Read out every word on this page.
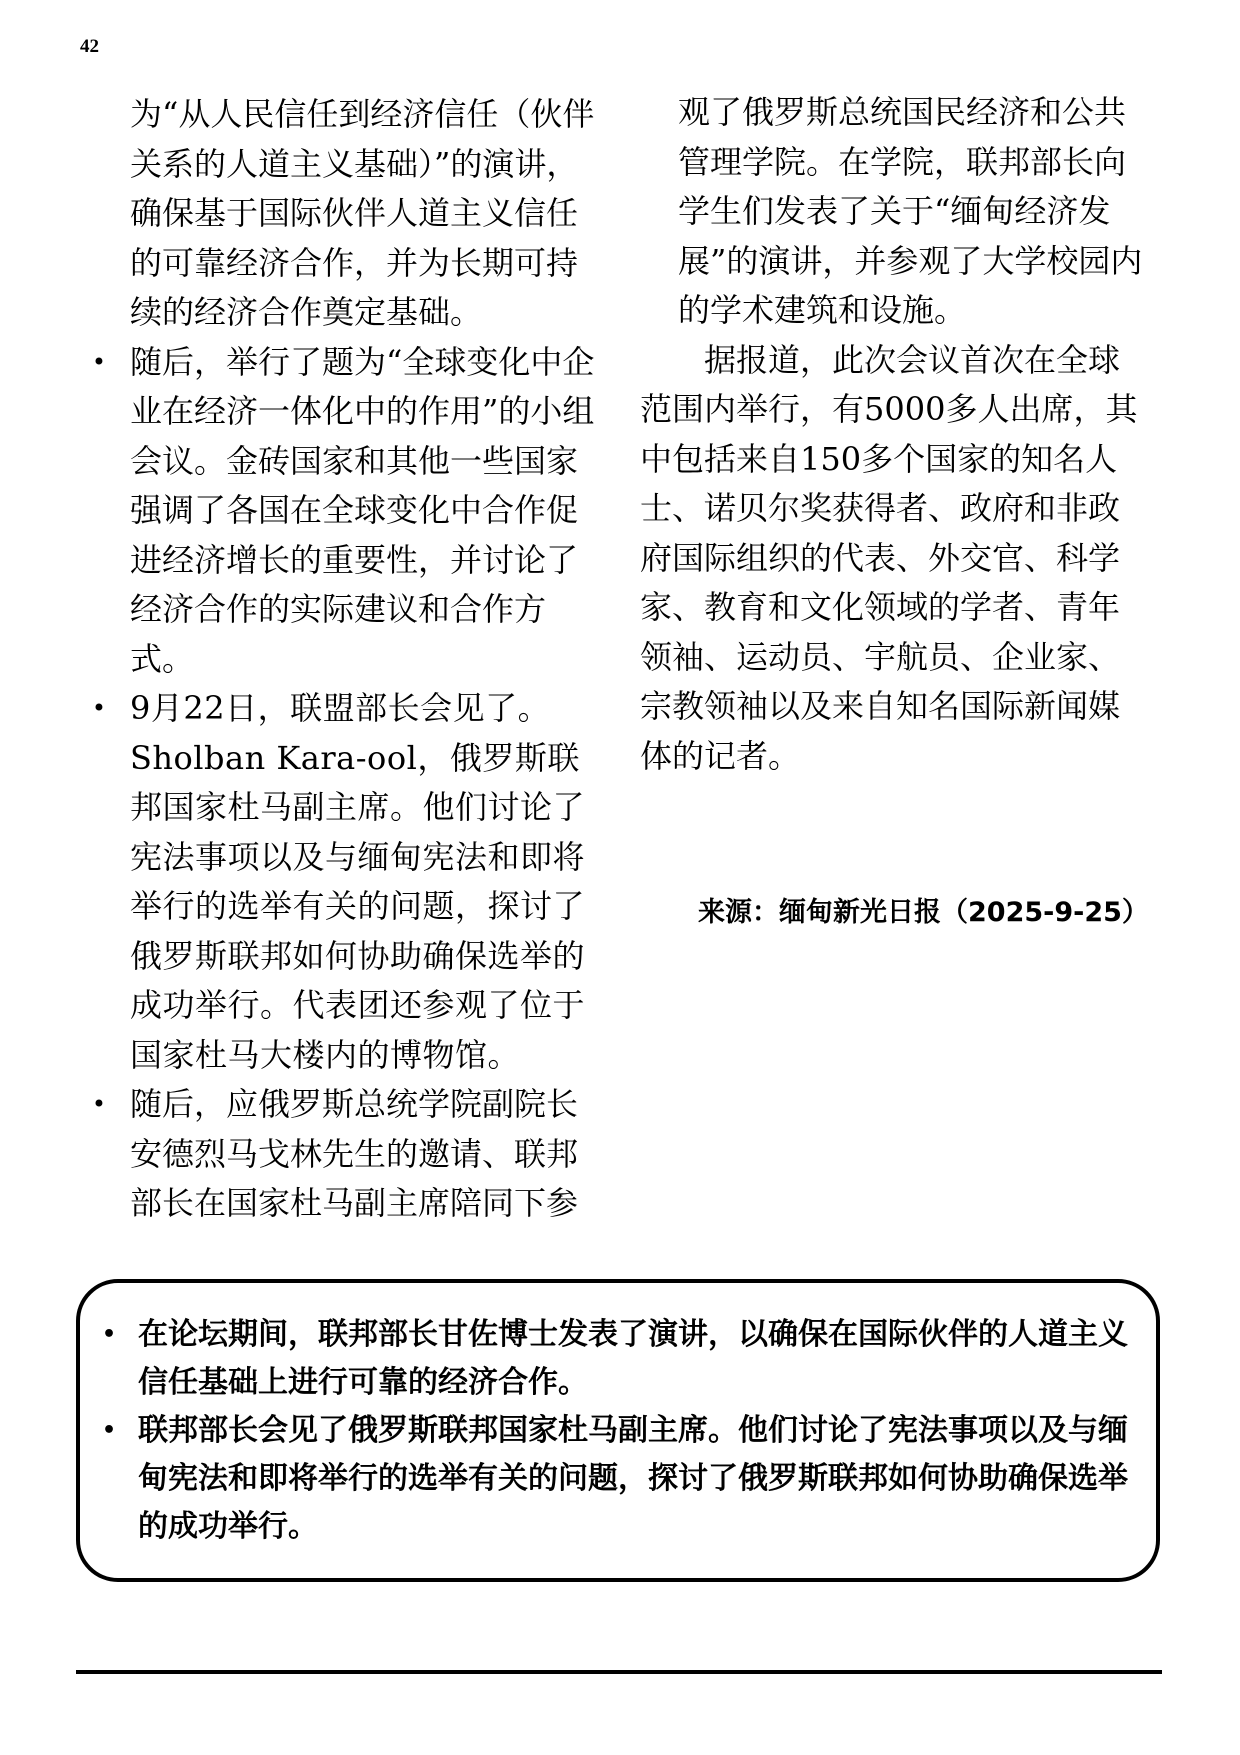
42

为“从人民信任到经济信任（伙伴关系的人道主义基础）”的演讲，确保基于国际伙伴人道主义信任的可靠经济合作，并为长期可持续的经济合作奠定基础。

• 随后，举行了题为“全球变化中企业在经济一体化中的作用”的小组会议。金砖国家和其他一些国家强调了各国在全球变化中合作促进经济增长的重要性，并讨论了经济合作的实际建议和合作方式。

• 9月22日，联盟部长会见了。Sholban Kara-ool，俄罗斯联邦国家杜马副主席。他们讨论了宪法事项以及与缅甸宪法和即将举行的选举有关的问题，探讨了俄罗斯联邦如何协助确保选举的成功举行。代表团还参观了位于国家杜马大楼内的博物馆。

• 随后，应俄罗斯总统学院副院长安德烈马戈林先生的邀请、联邦部长在国家杜马副主席陪同下参

观了俄罗斯总统国民经济和公共管理学院。在学院，联邦部长向学生们发表了关于“缅甸经济发展”的演讲，并参观了大学校园内的学术建筑和设施。

据报道，此次会议首次在全球范围内举行，有5000多人出席，其中包括来自150多个国家的知名人士、诺贝尔奖获得者、政府和非政府国际组织的代表、外交官、科学家、教育和文化领域的学者、青年领袖、运动员、宇航员、企业家、宗教领袖以及来自知名国际新闻媒体的记者。

来源：缅甸新光日报（2025-9-25）

• 在论坛期间，联邦部长甘佐博士发表了演讲，以确保在国际伙伴的人道主义信任基础上进行可靠的经济合作。

• 联邦部长会见了俄罗斯联邦国家杜马副主席。他们讨论了宪法事项以及与缅甸宪法和即将举行的选举有关的问题，探讨了俄罗斯联邦如何协助确保选举的成功举行。
